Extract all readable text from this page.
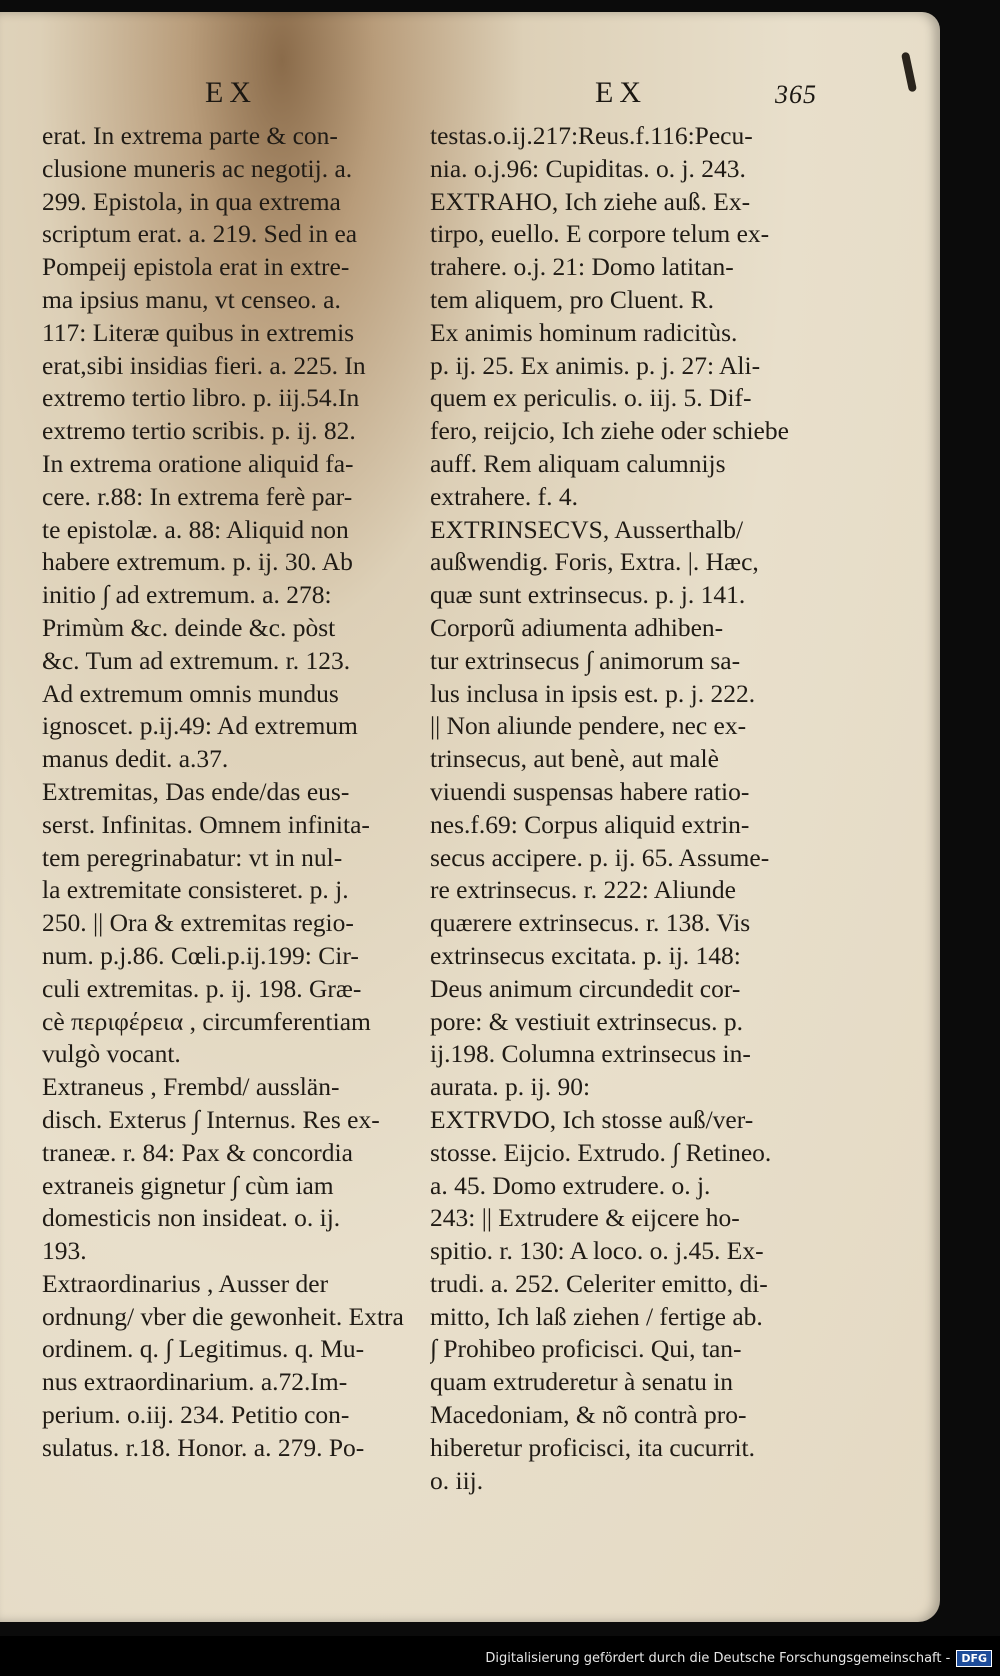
EX	EX	365
erat. In extrema parte & con-
clusione muneris ac negotij. a.
299. Epistola, in qua extrema
scriptum erat. a. 219. Sed in ea
Pompeij epistola erat in extre-
ma ipsius manu, vt censeo. a.
117: Literæ quibus in extremis
erat,sibi insidias fieri. a. 225. In
extremo tertio libro. p. iij.54.In
extremo tertio scribis. p. ij. 82.
In extrema oratione aliquid fa-
cere. r.88: In extrema ferè par-
te epistolæ. a. 88: Aliquid non
habere extremum. p. ij. 30. Ab
initio ∫ ad extremum. a. 278:
Primùm &c. deinde &c. pòst
&c. Tum ad extremum. r. 123.
Ad extremum omnis mundus
ignoscet. p.ij.49: Ad extremum
manus dedit. a.37.
Extremitas, Das ende/das eus-
serst. Infinitas. Omnem infinita-
tem peregrinabatur: vt in nul-
la extremitate consisteret. p. j.
250. || Ora & extremitas regio-
num. p.j.86. Cœli.p.ij.199: Cir-
culi extremitas. p. ij. 198. Græ-
cè περιφέρεια , circumferentiam
vulgò vocant.
Extraneus , Frembd/ ausslän-
disch. Exterus ∫ Internus. Res ex-
traneæ. r. 84: Pax & concordia
extraneis gignetur ∫ cùm iam
domesticis non insideat. o. ij.
193.
Extraordinarius , Ausser der
ordnung/ vber die gewonheit. Extra
ordinem. q. ∫ Legitimus. q. Mu-
nus extraordinarium. a.72.Im-
perium. o.iij. 234. Petitio con-
sulatus. r.18. Honor. a. 279. Po-
testas.o.ij.217:Reus.f.116:Pecu-
nia. o.j.96: Cupiditas. o. j. 243.
EXTRAHO, Ich ziehe auß. Ex-
tirpo, euello. E corpore telum ex-
trahere. o.j. 21: Domo latitan-
tem aliquem, pro Cluent. R.
Ex animis hominum radicitùs.
p. ij. 25. Ex animis. p. j. 27: Ali-
quem ex periculis. o. iij. 5. Dif-
fero, reijcio, Ich ziehe oder schiebe
auff. Rem aliquam calumnijs
extrahere. f. 4.
EXTRINSECVS, Ausserthalb/
außwendig. Foris, Extra. |. Hæc,
quæ sunt extrinsecus. p. j. 141.
Corporũ adiumenta adhiben-
tur extrinsecus ∫ animorum sa-
lus inclusa in ipsis est. p. j. 222.
|| Non aliunde pendere, nec ex-
trinsecus, aut benè, aut malè
viuendi suspensas habere ratio-
nes.f.69: Corpus aliquid extrin-
secus accipere. p. ij. 65. Assume-
re extrinsecus. r. 222: Aliunde
quærere extrinsecus. r. 138. Vis
extrinsecus excitata. p. ij. 148:
Deus animum circundedit cor-
pore: & vestiuit extrinsecus. p.
ij.198. Columna extrinsecus in-
aurata. p. ij. 90:
EXTRVDO, Ich stosse auß/ver-
stosse. Eijcio. Extrudo. ∫ Retineo.
a. 45. Domo extrudere. o. j.
243: || Extrudere & eijcere ho-
spitio. r. 130: A loco. o. j.45. Ex-
trudi. a. 252. Celeriter emitto, di-
mitto, Ich laß ziehen / fertige ab.
∫ Prohibeo proficisci. Qui, tan-
quam extruderetur à senatu in
Macedoniam, & nõ contrà pro-
hiberetur proficisci, ita cucurrit.
o. iij.
Digitalisierung gefördert durch die Deutsche Forschungsgemeinschaft -	DFG
